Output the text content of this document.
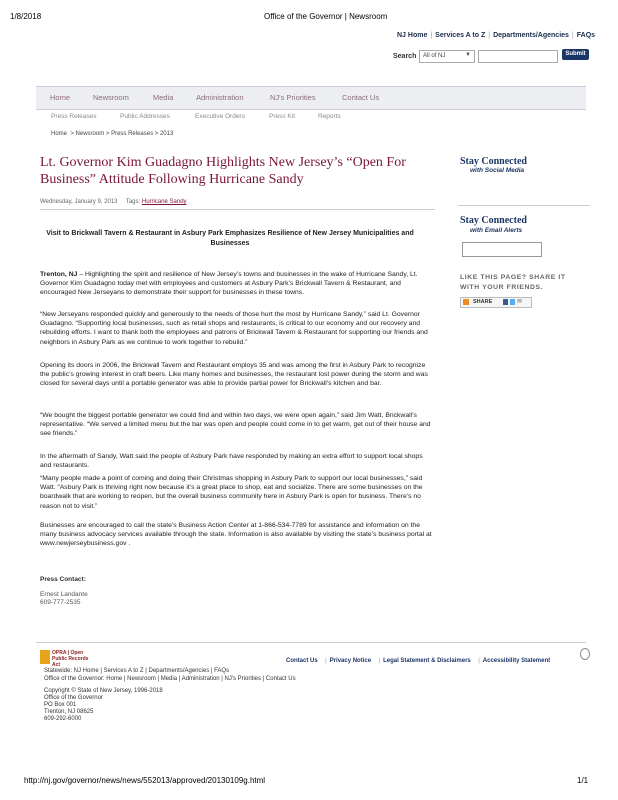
1/8/2018	Office of the Governor | Newsroom
NJ Home | Services A to Z | Departments/Agencies | FAQs
Search All of NJ	▼	Submit
Home	Newsroom	Media	Administration	NJ's Priorities	Contact Us
Press Releases	Public Addresses	Executive Orders	Press Kit	Reports
Home  > Newsroom > Press Releases > 2013
Lt. Governor Kim Guadagno Highlights New Jersey’s “Open For Business” Attitude Following Hurricane Sandy
Wednesday, January 9, 2013 Tags: Hurricane Sandy
Visit to Brickwall Tavern & Restaurant in Asbury Park Emphasizes Resilience of New Jersey Municipalities and Businesses
Trenton, NJ – Highlighting the spirit and resilience of New Jersey’s towns and businesses in the wake of Hurricane Sandy, Lt. Governor Kim Guadagno today met with employees and customers at Asbury Park’s Brickwall Tavern & Restaurant, and encouraged New Jerseyans to demonstrate their support for businesses in these towns.
“New Jerseyans responded quickly and generously to the needs of those hurt the most by Hurricane Sandy,” said Lt. Governor Guadagno. “Supporting local businesses, such as retail shops and restaurants, is critical to our economy and our recovery and rebuilding efforts. I want to thank both the employees and patrons of Brickwall Tavern & Restaurant for supporting our friends and neighbors in Asbury Park as we continue to work together to rebuild.”
Opening its doors in 2006, the Brickwall Tavern and Restaurant employs 35 and was among the first in Asbury Park to recognize the public’s growing interest in craft beers. Like many homes and businesses, the restaurant lost power during the storm and was closed for several days until a portable generator was able to provide partial power for Brickwall’s kitchen and bar.
“We bought the biggest portable generator we could find and within two days, we were open again,” said Jim Watt, Brickwall’s representative. “We served a limited menu but the bar was open and people could come in to get warm, get out of their house and see friends.”
In the aftermath of Sandy, Watt said the people of Asbury Park have responded by making an extra effort to support local shops and restaurants.
“Many people made a point of coming and doing their Christmas shopping in Asbury Park to support our local businesses,” said Watt. “Asbury Park is thriving right now because it’s a great place to shop, eat and socialize. There are some businesses on the boardwalk that are working to reopen, but the overall business community here in Asbury Park is open for business. There’s no reason not to visit.”
Businesses are encouraged to call the state’s Business Action Center at 1-866-534-7789 for assistance and information on the many business advocacy services available through the state. Information is also available by visiting the state’s business portal at www.newjerseybusiness.gov .
Press Contact:
Ernest Landante
609-777-2535
Stay Connected
with Social Media
Stay Connected
with Email Alerts
LIKE THIS PAGE? SHARE IT
WITH YOUR FRIENDS.
SHARE	✉
OPRA | Open
Public Records Act
Contact Us | Privacy Notice | Legal Statement & Disclaimers | Accessibility Statement
Statewide: NJ Home | Services A to Z | Departments/Agencies | FAQs
Office of the Governor: Home | Newsroom | Media | Administration | NJ's Priorities | Contact Us
Copyright © State of New Jersey, 1996-2018
Office of the Governor
PO Box 001
Trenton, NJ 08625
609-292-6000
http://nj.gov/governor/news/news/552013/approved/20130109g.html	1/1
